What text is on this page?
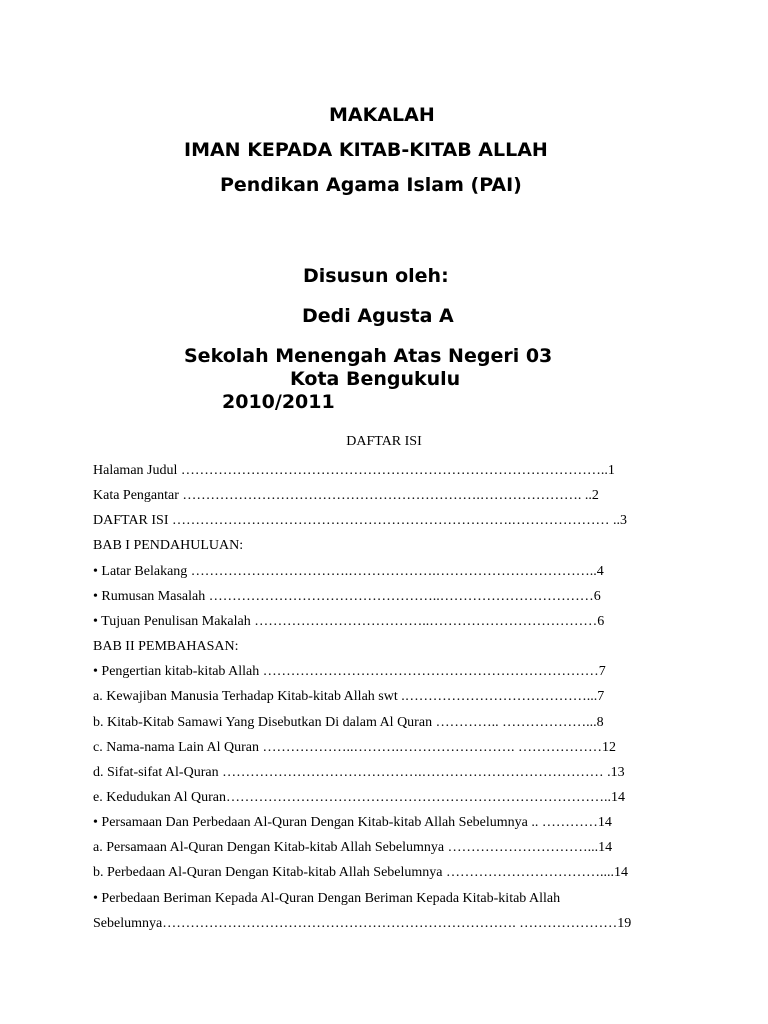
MAKALAH
IMAN KEPADA KITAB-KITAB ALLAH
Pendikan Agama Islam (PAI)
Disusun oleh:
Dedi Agusta A
Sekolah Menengah Atas Negeri 03
Kota Bengukulu
2010/2011
DAFTAR ISI
Halaman Judul ………………………………………………………………………………..1
Kata Pengantar ……………………………………………………….…………………. ..2
DAFTAR ISI ……………………………………………………………….………………… ..3
BAB I PENDAHULUAN:
• Latar Belakang …………………………….……………….……………………………..4
• Rumusan Masalah …………………………………………..……………………………6
• Tujuan Penulisan Makalah ………………………………..………………………………6
BAB II PEMBAHASAN:
• Pengertian kitab-kitab Allah ………………………………………………………………7
a. Kewajiban Manusia Terhadap Kitab-kitab Allah swt .…………………………………...7
b. Kitab-Kitab Samawi Yang Disebutkan Di dalam Al Quran ………….. ………………...8
c. Nama-nama Lain Al Quran ………………..……….……………………. ………………12
d. Sifat-sifat Al-Quran …………………………………….………………………………… .13
e. Kedudukan Al Quran………………………………………………………………………..14
• Persamaan Dan Perbedaan Al-Quran Dengan Kitab-kitab Allah Sebelumnya .. …………14
a. Persamaan Al-Quran Dengan Kitab-kitab Allah Sebelumnya …………………………...14
b. Perbedaan Al-Quran Dengan Kitab-kitab Allah Sebelumnya ……………………………....14
• Perbedaan Beriman Kepada Al-Quran Dengan Beriman Kepada Kitab-kitab Allah
Sebelumnya…………………………………………………………………. …………………19
